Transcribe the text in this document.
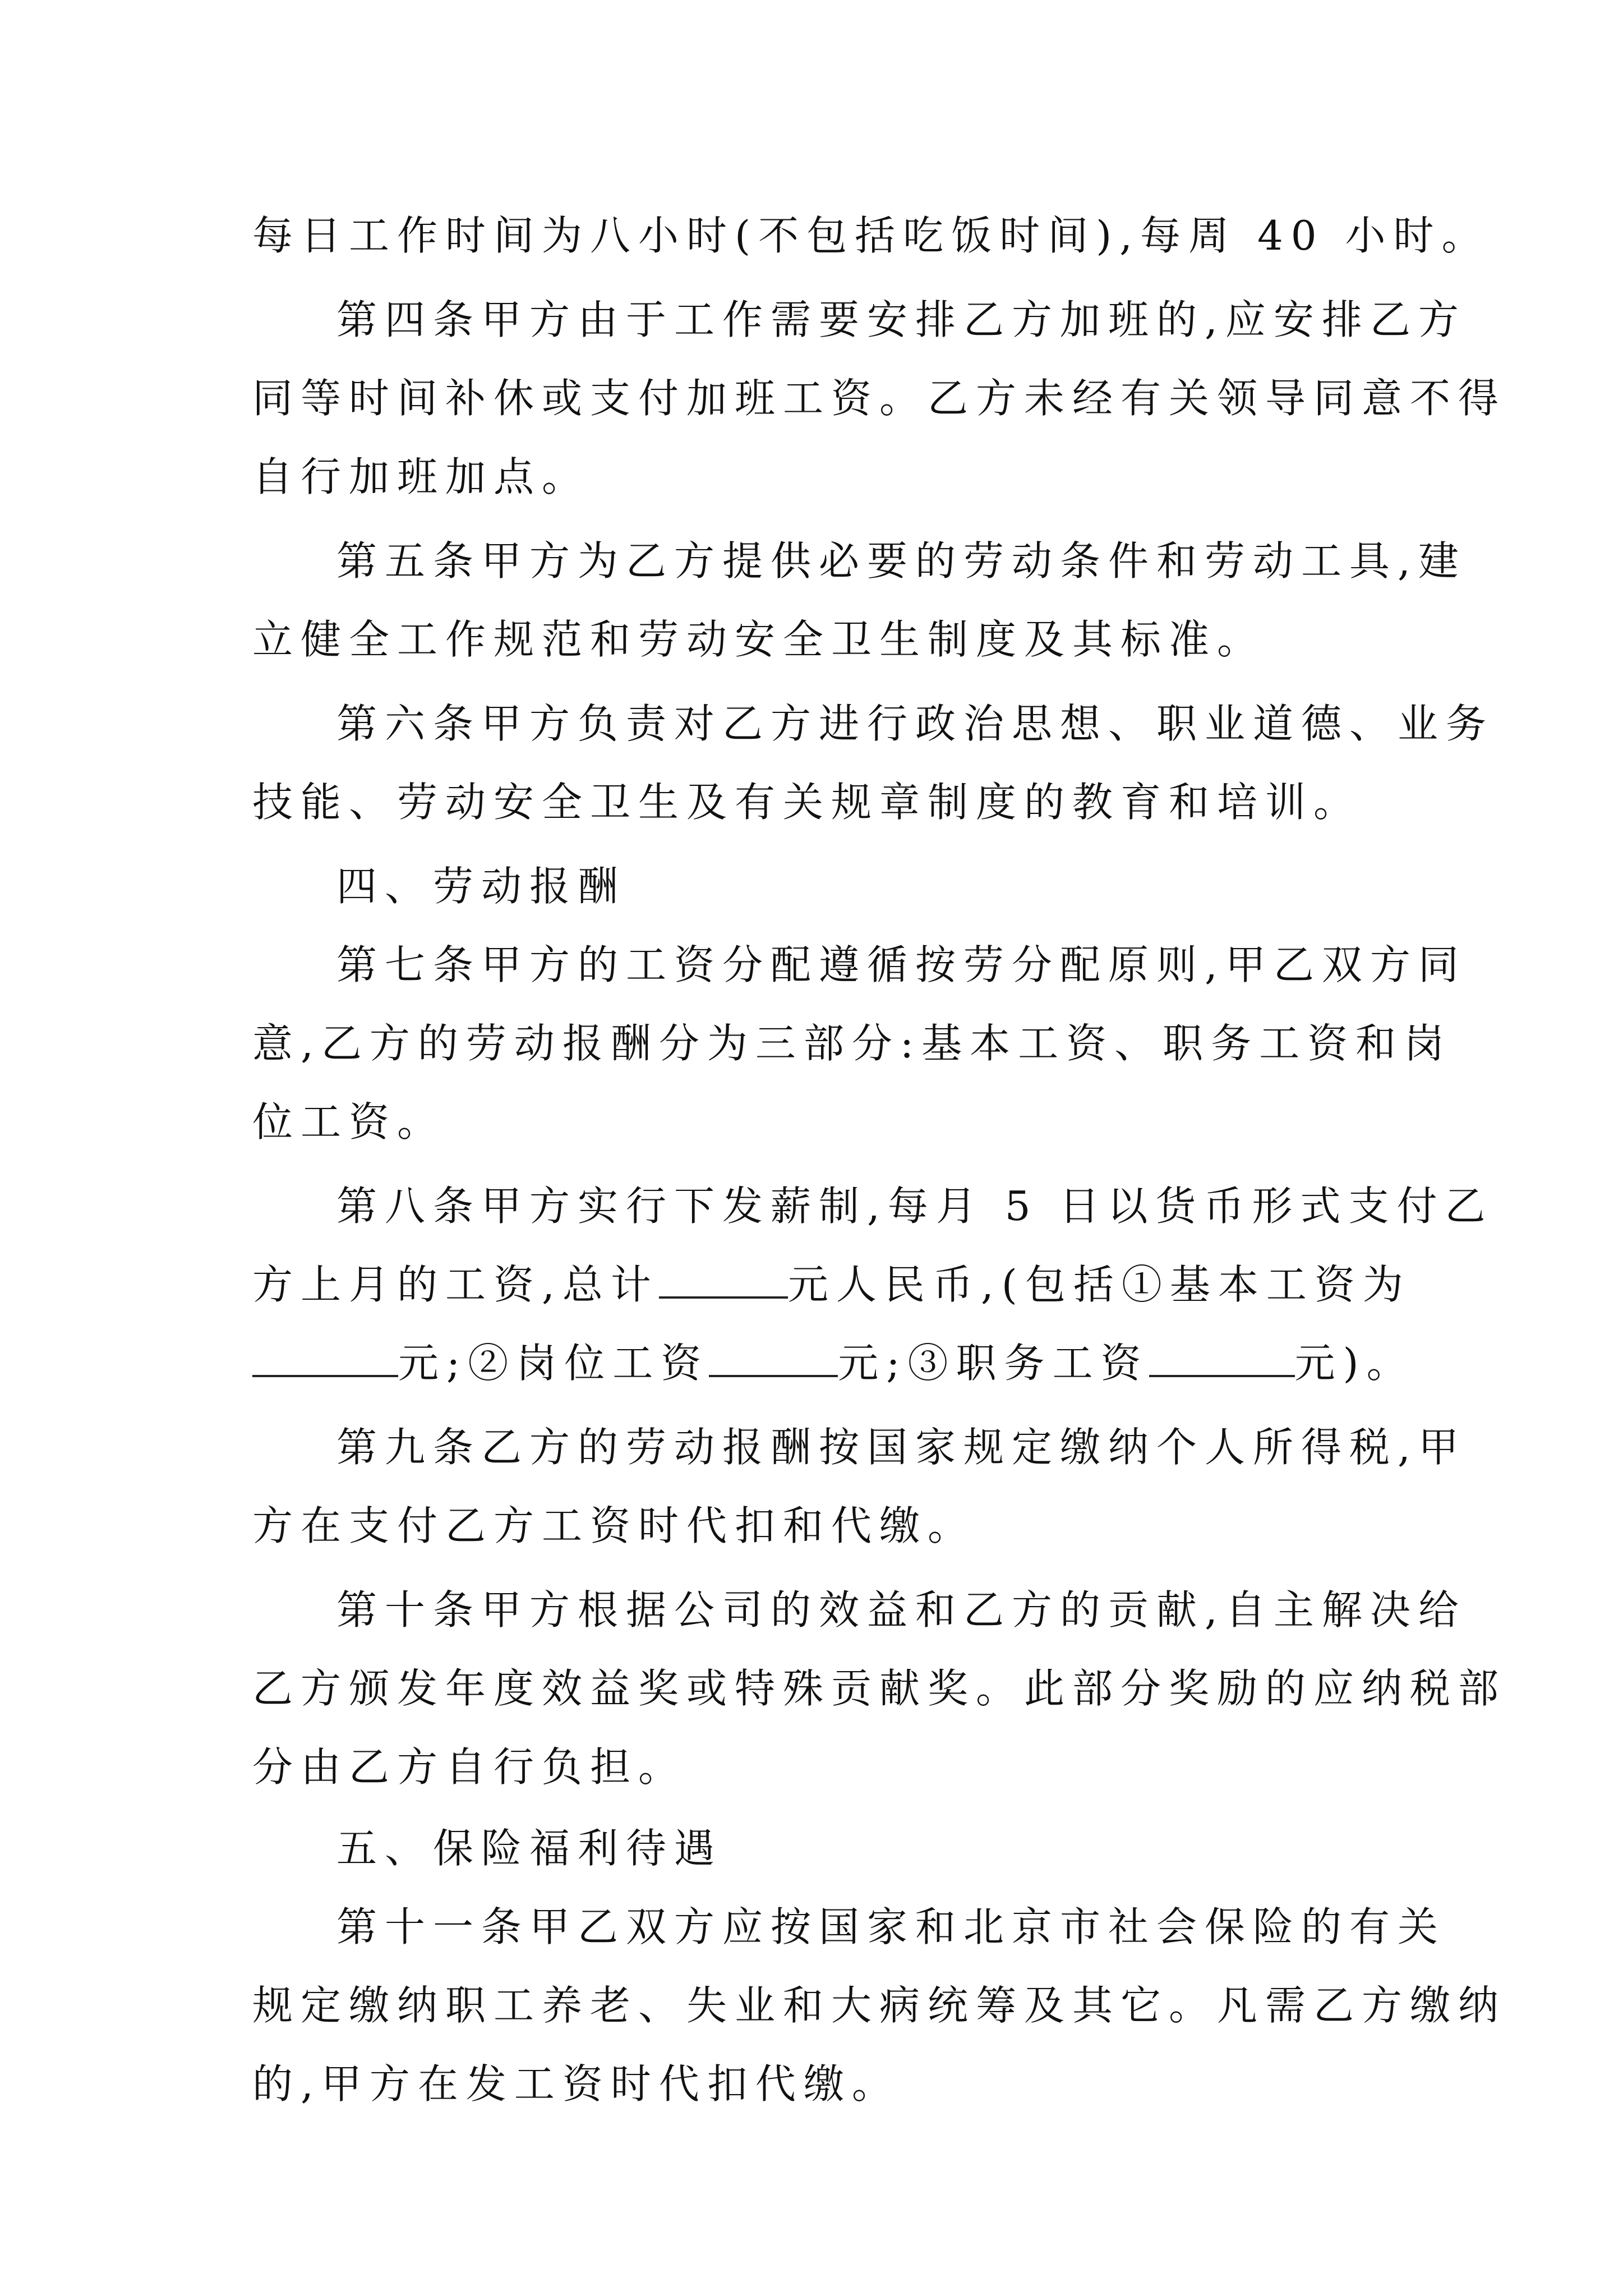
每日工作时间为八小时(不包括吃饭时间),每周 40 小时。
第四条甲方由于工作需要安排乙方加班的,应安排乙方
同等时间补休或支付加班工资。乙方未经有关领导同意不得
自行加班加点。
第五条甲方为乙方提供必要的劳动条件和劳动工具,建
立健全工作规范和劳动安全卫生制度及其标准。
第六条甲方负责对乙方进行政治思想、职业道德、业务
技能、劳动安全卫生及有关规章制度的教育和培训。
四、劳动报酬
第七条甲方的工资分配遵循按劳分配原则,甲乙双方同
意,乙方的劳动报酬分为三部分:基本工资、职务工资和岗
位工资。
第八条甲方实行下发薪制,每月 5 日以货币形式支付乙
方上月的工资,总计	元人民币,(包括①基本工资为
元;②岗位工资	元;③职务工资	元)。
第九条乙方的劳动报酬按国家规定缴纳个人所得税,甲
方在支付乙方工资时代扣和代缴。
第十条甲方根据公司的效益和乙方的贡献,自主解决给
乙方颁发年度效益奖或特殊贡献奖。此部分奖励的应纳税部
分由乙方自行负担。
五、保险福利待遇
第十一条甲乙双方应按国家和北京市社会保险的有关
规定缴纳职工养老、失业和大病统筹及其它。凡需乙方缴纳
的,甲方在发工资时代扣代缴。
